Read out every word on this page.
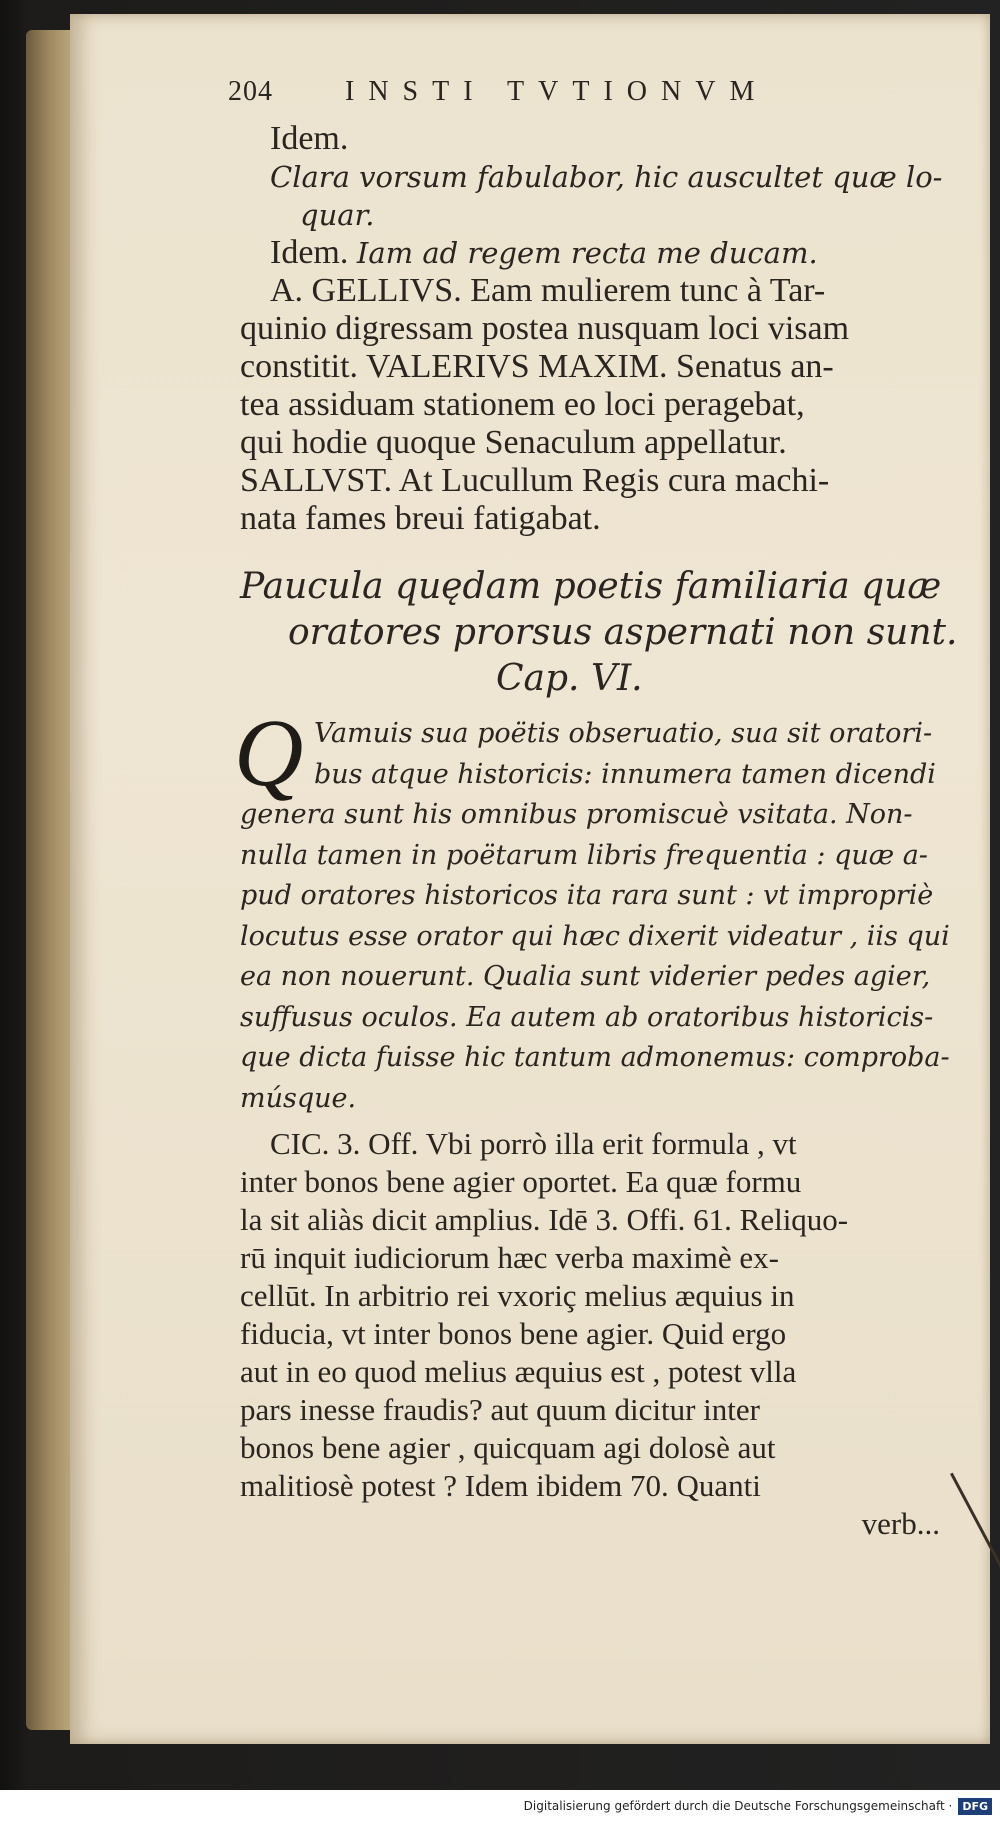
204	INSTI TVTIONVM
Idem.
Clara vorsum fabulabor, hic auscultet quæ lo-
quar.
Idem. Iam ad regem recta me ducam.
A. GELLIVS. Eam mulierem tunc à Tar-
quinio digressam postea nusquam loci visam
constitit. VALERIVS MAXIM. Senatus an-
tea assiduam stationem eo loci peragebat,
qui hodie quoque Senaculum appellatur.
SALLVST. At Lucullum Regis cura machi-
nata fames breui fatigabat.
Paucula quędam poetis familiaria quæ
oratores prorsus aspernati non sunt.
Cap. VI.
Q Vamuis sua poëtis obseruatio, sua sit oratori-
bus atque historicis: innumera tamen dicendi
genera sunt his omnibus promiscuè vsitata. Non-
nulla tamen in poëtarum libris frequentia : quæ a-
pud oratores historicos ita rara sunt : vt impropriè
locutus esse orator qui hæc dixerit videatur , iis qui
ea non nouerunt. Qualia sunt viderier pedes agier,
suffusus oculos. Ea autem ab oratoribus historicis-
que dicta fuisse hic tantum admonemus: comproba-
músque.
CIC. 3. Off. Vbi porrò illa erit formula , vt
inter bonos bene agier oportet. Ea quæ formu
la sit aliàs dicit amplius. Idē 3. Offi. 61. Reliquo-
rū inquit iudiciorum hæc verba maximè ex-
cellūt. In arbitrio rei vxoriç melius æquius in
fiducia, vt inter bonos bene agier. Quid ergo
aut in eo quod melius æquius est , potest vlla
pars inesse fraudis? aut quum dicitur inter
bonos bene agier , quicquam agi dolosè aut
malitiosè potest ? Idem ibidem 70. Quanti
verb...
Digitalisierung gefördert durch die Deutsche Forschungsgemeinschaft · DFG
